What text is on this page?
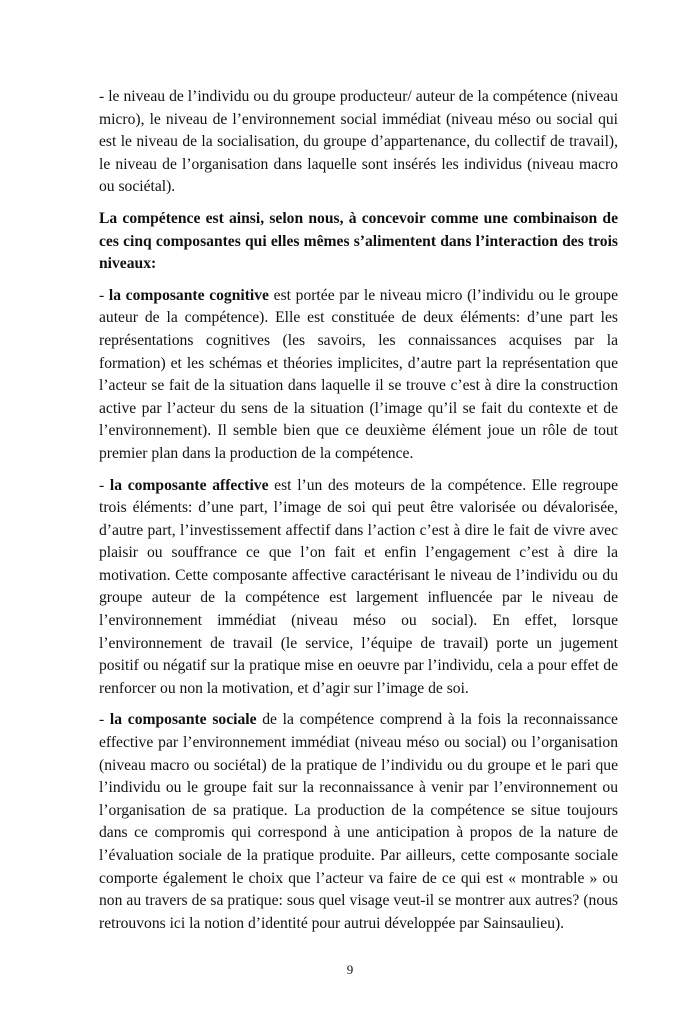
- le niveau de l’individu ou du groupe producteur/ auteur de la compétence (niveau micro), le niveau de l’environnement social immédiat (niveau méso ou social qui est le niveau de la socialisation, du groupe d’appartenance, du collectif de travail), le niveau de l’organisation dans laquelle sont insérés les individus (niveau macro ou sociétal).

La compétence est ainsi, selon nous, à concevoir comme une combinaison de ces cinq composantes qui elles mêmes s’alimentent dans l’interaction des trois niveaux:

- la composante cognitive est portée par le niveau micro (l’individu ou le groupe auteur de la compétence). Elle est constituée de deux éléments: d’une part les représentations cognitives (les savoirs, les connaissances acquises par la formation) et les schémas et théories implicites, d’autre part la représentation que l’acteur se fait de la situation dans laquelle il se trouve c’est à dire la construction active par l’acteur du sens de la situation (l’image qu’il se fait du contexte et de l’environnement). Il semble bien que ce deuxième élément joue un rôle de tout premier plan dans la production de la compétence.

- la composante affective est l’un des moteurs de la compétence. Elle regroupe trois éléments: d’une part, l’image de soi qui peut être valorisée ou dévalorisée, d’autre part, l’investissement affectif dans l’action c’est à dire le fait de vivre avec plaisir ou souffrance ce que l’on fait et enfin l’engagement c’est à dire la motivation. Cette composante affective caractérisant le niveau de l’individu ou du groupe auteur de la compétence est largement influencée par le niveau de l’environnement immédiat (niveau méso ou social). En effet, lorsque l’environnement de travail (le service, l’équipe de travail) porte un jugement positif ou négatif sur la pratique mise en oeuvre par l’individu, cela a pour effet de renforcer ou non la motivation, et d’agir sur l’image de soi.

- la composante sociale de la compétence comprend à la fois la reconnaissance effective par l’environnement immédiat (niveau méso ou social) ou l’organisation (niveau macro ou sociétal) de la pratique de l’individu ou du groupe et le pari que l’individu ou le groupe fait sur la reconnaissance à venir par l’environnement ou l’organisation de sa pratique. La production de la compétence se situe toujours dans ce compromis qui correspond à une anticipation à propos de la nature de l’évaluation sociale de la pratique produite. Par ailleurs, cette composante sociale comporte également le choix que l’acteur va faire de ce qui est « montrable » ou non au travers de sa pratique: sous quel visage veut-il se montrer aux autres? (nous retrouvons ici la notion d’identité pour autrui développée par Sainsaulieu).

9
